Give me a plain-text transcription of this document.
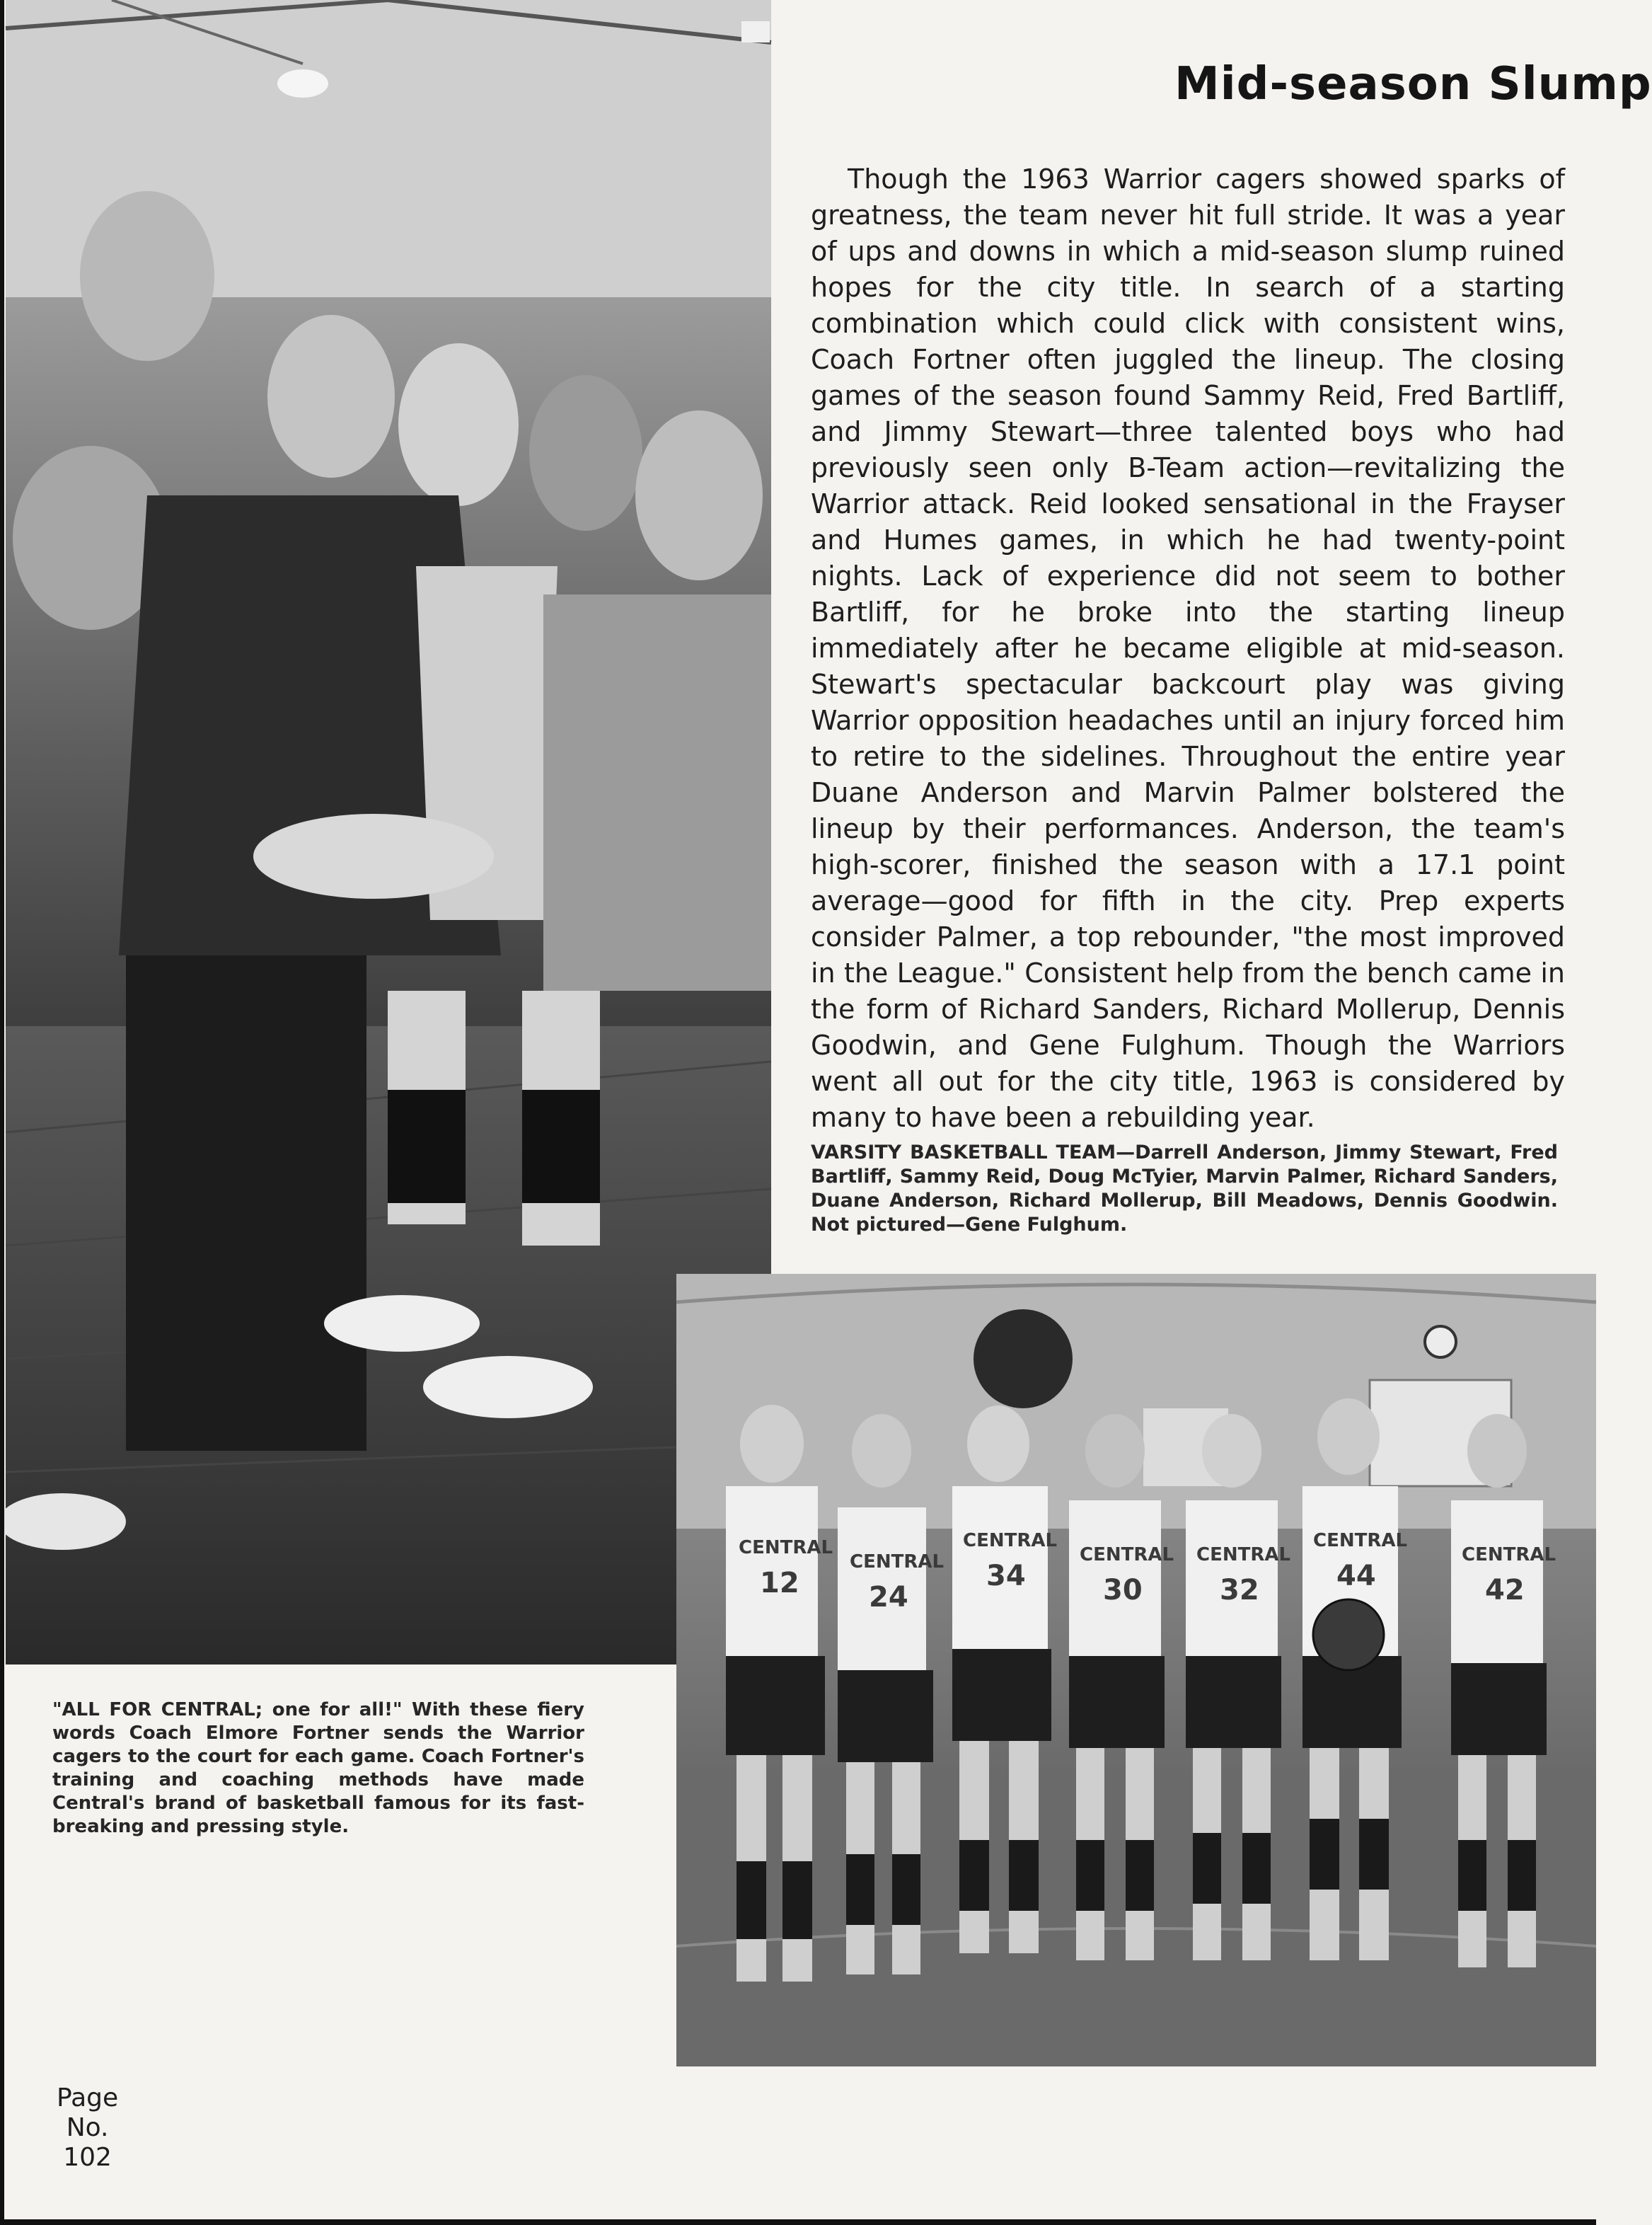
CENTRAL
12
CENTRAL
24
CENTRAL
34
CENTRAL
30
CENTRAL
32
CENTRAL
44
CENTRAL
42
Mid-season Slump

Though the 1963 Warrior cagers showed sparks of greatness, the team never hit full stride. It was a year of ups and downs in which a mid-season slump ruined hopes for the city title. In search of a starting combination which could click with consistent wins, Coach Fortner often juggled the lineup. The closing games of the season found Sammy Reid, Fred Bartliff, and Jimmy Stewart—three talented boys who had previously seen only B-Team action—revitalizing the Warrior attack. Reid looked sensational in the Frayser and Humes games, in which he had twenty-point nights. Lack of experience did not seem to bother Bartliff, for he broke into the starting lineup immediately after he became eligible at mid-season. Stewart's spectacular backcourt play was giving Warrior opposition headaches until an injury forced him to retire to the sidelines. Throughout the entire year Duane Anderson and Marvin Palmer bolstered the lineup by their performances. Anderson, the team's high-scorer, finished the season with a 17.1 point average—good for fifth in the city. Prep experts consider Palmer, a top rebounder, "the most improved in the League." Consistent help from the bench came in the form of Richard Sanders, Richard Mollerup, Dennis Goodwin, and Gene Fulghum. Though the Warriors went all out for the city title, 1963 is considered by many to have been a rebuilding year.

VARSITY BASKETBALL TEAM—Darrell Anderson, Jimmy Stewart, Fred Bartliff, Sammy Reid, Doug McTyier, Marvin Palmer, Richard Sanders, Duane Anderson, Richard Mollerup, Bill Meadows, Dennis Goodwin. Not pictured—Gene Fulghum.
"ALL FOR CENTRAL; one for all!" With these fiery words Coach Elmore Fortner sends the Warrior cagers to the court for each game. Coach Fortner's training and coaching methods have made Central's brand of basketball famous for its fast-breaking and pressing style.
Page
No.
102
